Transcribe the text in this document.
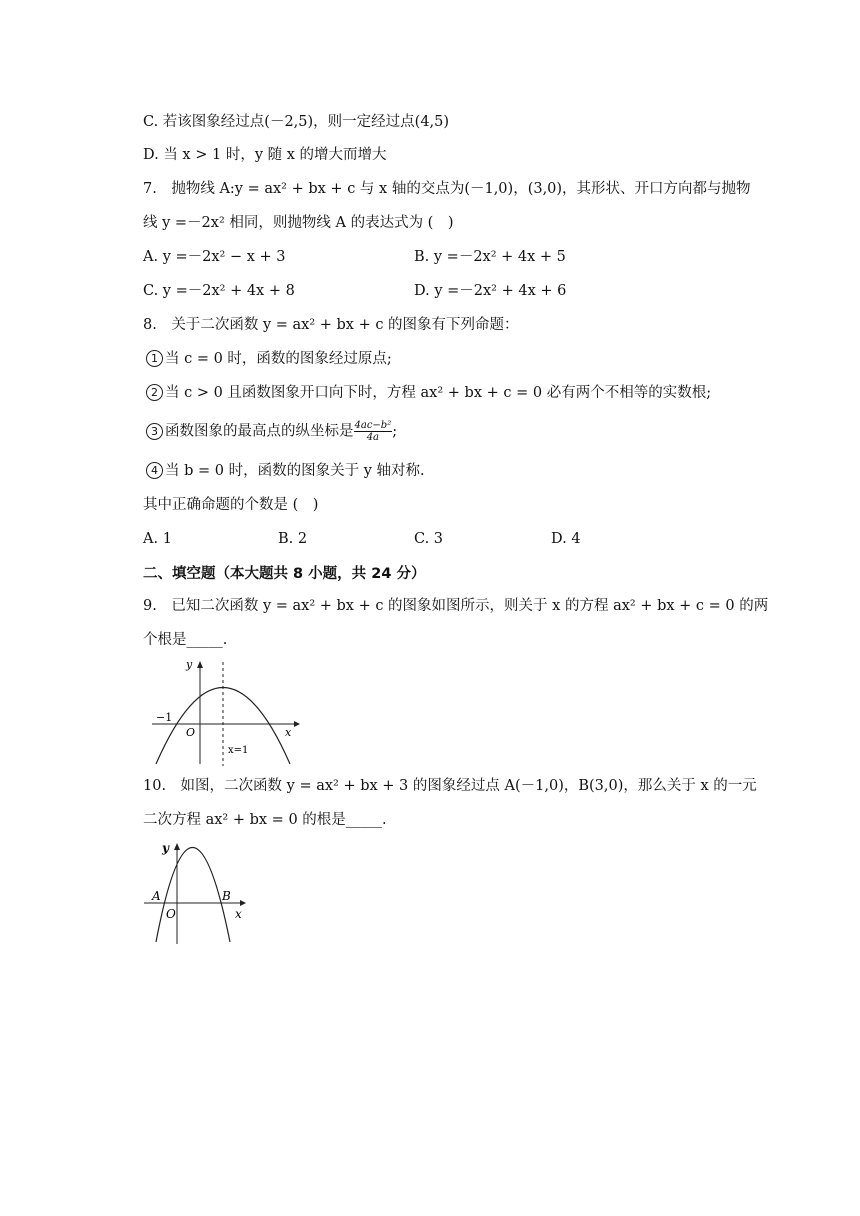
C. 若该图象经过点(－2,5)，则一定经过点(4,5)
D. 当 x > 1 时，y 随 x 的增大而增大
7.　抛物线 A:y = ax² + bx + c 与 x 轴的交点为(－1,0)，(3,0)，其形状、开口方向都与抛物
线 y =－2x² 相同，则抛物线 A 的表达式为 (　)
A. y =－2x² − x + 3	B. y =－2x² + 4x + 5
C. y =－2x² + 4x + 8	D. y =－2x² + 4x + 6
8.　关于二次函数 y = ax² + bx + c 的图象有下列命题：
1 当 c = 0 时，函数的图象经过原点;
2 当 c > 0 且函数图象开口向下时，方程 ax² + bx + c = 0 必有两个不相等的实数根;
3 函数图象的最高点的纵坐标是 $\frac{\text{4ac−b²}}{4a}$ ;
4 当 b = 0 时，函数的图象关于 y 轴对称.
其中正确命题的个数是 (　)
A. 1	B. 2	C. 3	D. 4
二、填空题（本大题共 8 小题，共 24 分）
9.　已知二次函数 y = ax² + bx + c 的图象如图所示，则关于 x 的方程 ax² + bx + c = 0 的两
个根是_____.
y
x
O
−1
x=1
10.　如图，二次函数 y = ax² + bx + 3 的图象经过点 A(－1,0)，B(3,0)，那么关于 x 的一元
二次方程 ax² + bx = 0 的根是_____.
y
x
O
A	B
